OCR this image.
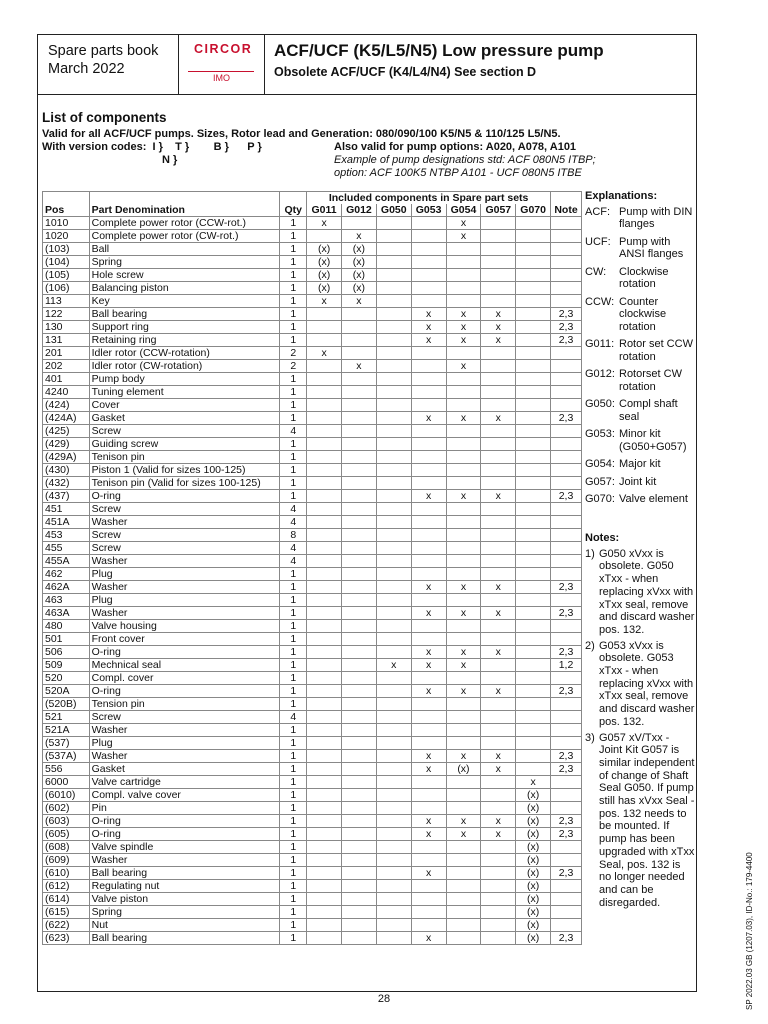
Spare parts book
March 2022
CIRCOR
IMO
ACF/UCF (K5/L5/N5) Low pressure pump
Obsolete ACF/UCF (K4/L4/N4) See section D
List of components
Valid for all ACF/UCF pumps. Sizes, Rotor lead and Generation: 080/090/100 K5/N5 & 110/125 L5/N5.
With version codes:  I }    T }        B }      P }
N }
Also valid for pump options: A020, A078, A101
Example of pump designations std: ACF 080N5 ITBP;
option: ACF 100K5 NTBP A101 - UCF 080N5 ITBE
			Included components in Spare part sets							
Pos	Part Denomination	Qty	G011	G012	G050	G053	G054	G057	G070	Note
1010	Complete power rotor (CCW-rot.)	1	x				x			
1020	Complete power rotor (CW-rot.)	1		x			x			
(103)	Ball	1	(x)	(x)						
(104)	Spring	1	(x)	(x)						
(105)	Hole screw	1	(x)	(x)						
(106)	Balancing piston	1	(x)	(x)						
113	Key	1	x	x						
122	Ball bearing	1				x	x	x		2,3
130	Support ring	1				x	x	x		2,3
131	Retaining ring	1				x	x	x		2,3
201	Idler rotor (CCW-rotation)	2	x							
202	Idler rotor (CW-rotation)	2		x			x			
401	Pump body	1								
4240	Tuning element	1								
(424)	Cover	1								
(424A)	Gasket	1				x	x	x		2,3
(425)	Screw	4								
(429)	Guiding screw	1								
(429A)	Tenison pin	1								
(430)	Piston 1 (Valid for sizes 100-125)	1								
(432)	Tenison pin (Valid for sizes 100-125)	1								
(437)	O-ring	1				x	x	x		2,3
451	Screw	4								
451A	Washer	4								
453	Screw	8								
455	Screw	4								
455A	Washer	4								
462	Plug	1								
462A	Washer	1				x	x	x		2,3
463	Plug	1								
463A	Washer	1				x	x	x		2,3
480	Valve housing	1								
501	Front cover	1								
506	O-ring	1				x	x	x		2,3
509	Mechnical seal	1			x	x	x			1,2
520	Compl. cover	1								
520A	O-ring	1				x	x	x		2,3
(520B)	Tension pin	1								
521	Screw	4								
521A	Washer	1								
(537)	Plug	1								
(537A)	Washer	1				x	x	x		2,3
556	Gasket	1				x	(x)	x		2,3
6000	Valve cartridge	1							x	
(6010)	Compl. valve cover	1							(x)	
(602)	Pin	1							(x)	
(603)	O-ring	1				x	x	x	(x)	2,3
(605)	O-ring	1				x	x	x	(x)	2,3
(608)	Valve spindle	1							(x)	
(609)	Washer	1							(x)	
(610)	Ball bearing	1				x			(x)	2,3
(612)	Regulating nut	1							(x)	
(614)	Valve piston	1							(x)	
(615)	Spring	1							(x)	
(622)	Nut	1							(x)	
(623)	Ball bearing	1				x			(x)	2,3
Explanations:
ACF: Pump with DIN flanges
UCF: Pump with ANSI flanges
CW:	Clockwise rotation
CCW: Counter clockwise rotation
G011: Rotor set CCW rotation
G012: Rotorset CW rotation
G050: Compl shaft seal
G053: Minor kit (G050+G057)
G054: Major kit
G057: Joint kit
G070: Valve element
Notes:
1) G050 xVxx is obsolete. G050 xTxx - when replacing xVxx with xTxx seal, remove and discard washer pos. 132.
2) G053 xVxx is obsolete. G053 xTxx - when replacing xVxx with xTxx seal, remove and discard washer pos. 132.
3) G057 xV/Txx - Joint Kit G057 is similar independent of change of Shaft Seal G050. If pump still has xVxx Seal - pos. 132 needs to be mounted. If pump has been upgraded with xTxx Seal, pos. 132 is no longer needed and can be disregarded.
28	SP 2022.03 GB (1207.03), ID-No.: 179-4400
